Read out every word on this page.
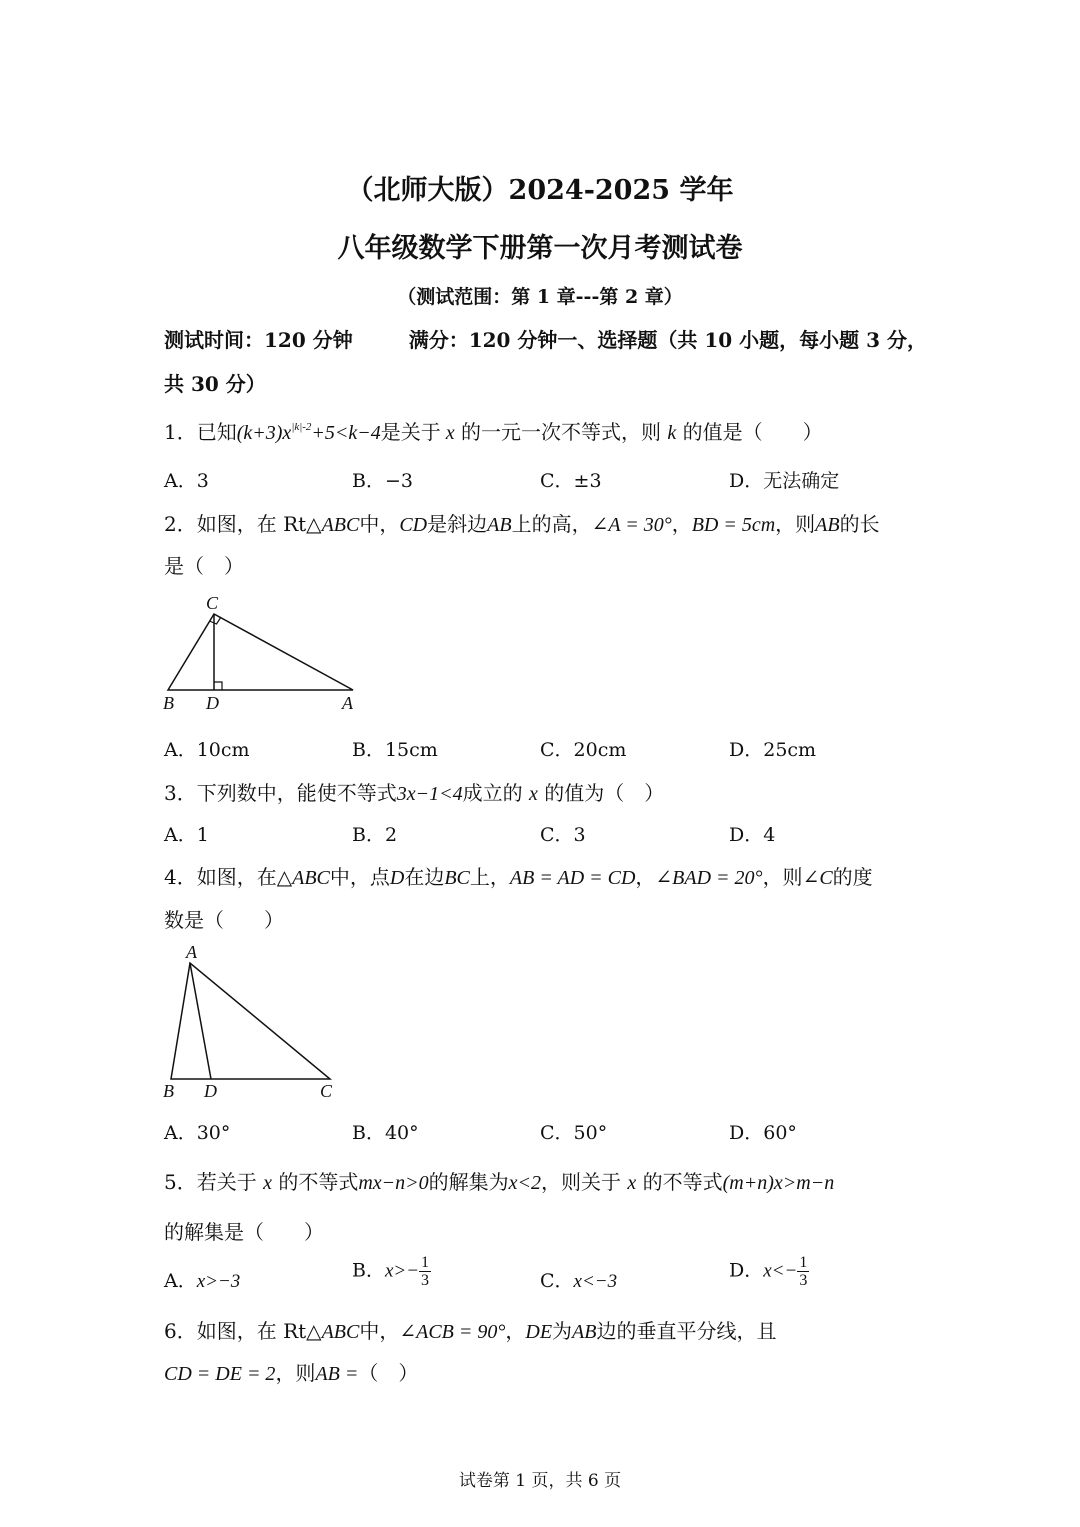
（北师大版）2024-2025 学年
八年级数学下册第一次月考测试卷
（测试范围：第 1 章---第 2 章）
测试时间：120 分钟	满分：120 分钟一、选择题（共 10 小题，每小题 3 分，
共 30 分）
1．已知$(k+3)x^{|k|-2}+5<k-4$是关于 x 的一元一次不等式，则 k 的值是（　　）
A．3	B．−3	C．±3	D．无法确定
2．如图，在 Rt△ABC中，CD是斜边AB上的高，∠A = 30°，BD = 5cm，则AB的长
是（　）
C
B D	A
A．10cm	B．15cm	C．20cm	D．25cm
3．下列数中，能使不等式3x−1<4成立的 x 的值为（　）
A．1	B．2	C．3	D．4
4．如图，在△ABC中，点D在边BC上，AB = AD = CD，∠BAD = 20°，则∠C的度
数是（　　）
A
B D	C
A．30°	B．40°	C．50°	D．60°
5．若关于 x 的不等式mx−n>0的解集为x<2，则关于 x 的不等式(m+n)x>m−n
的解集是（　　）
A．x>−3	B．$x>- \frac{1}{3}$	C．x<−3	D．$x<- \frac{1}{3}$
6．如图，在 Rt△ABC中，∠ACB = 90°，DE为AB边的垂直平分线，且
CD = DE = 2，则AB =（　）
试卷第 1 页，共 6 页
